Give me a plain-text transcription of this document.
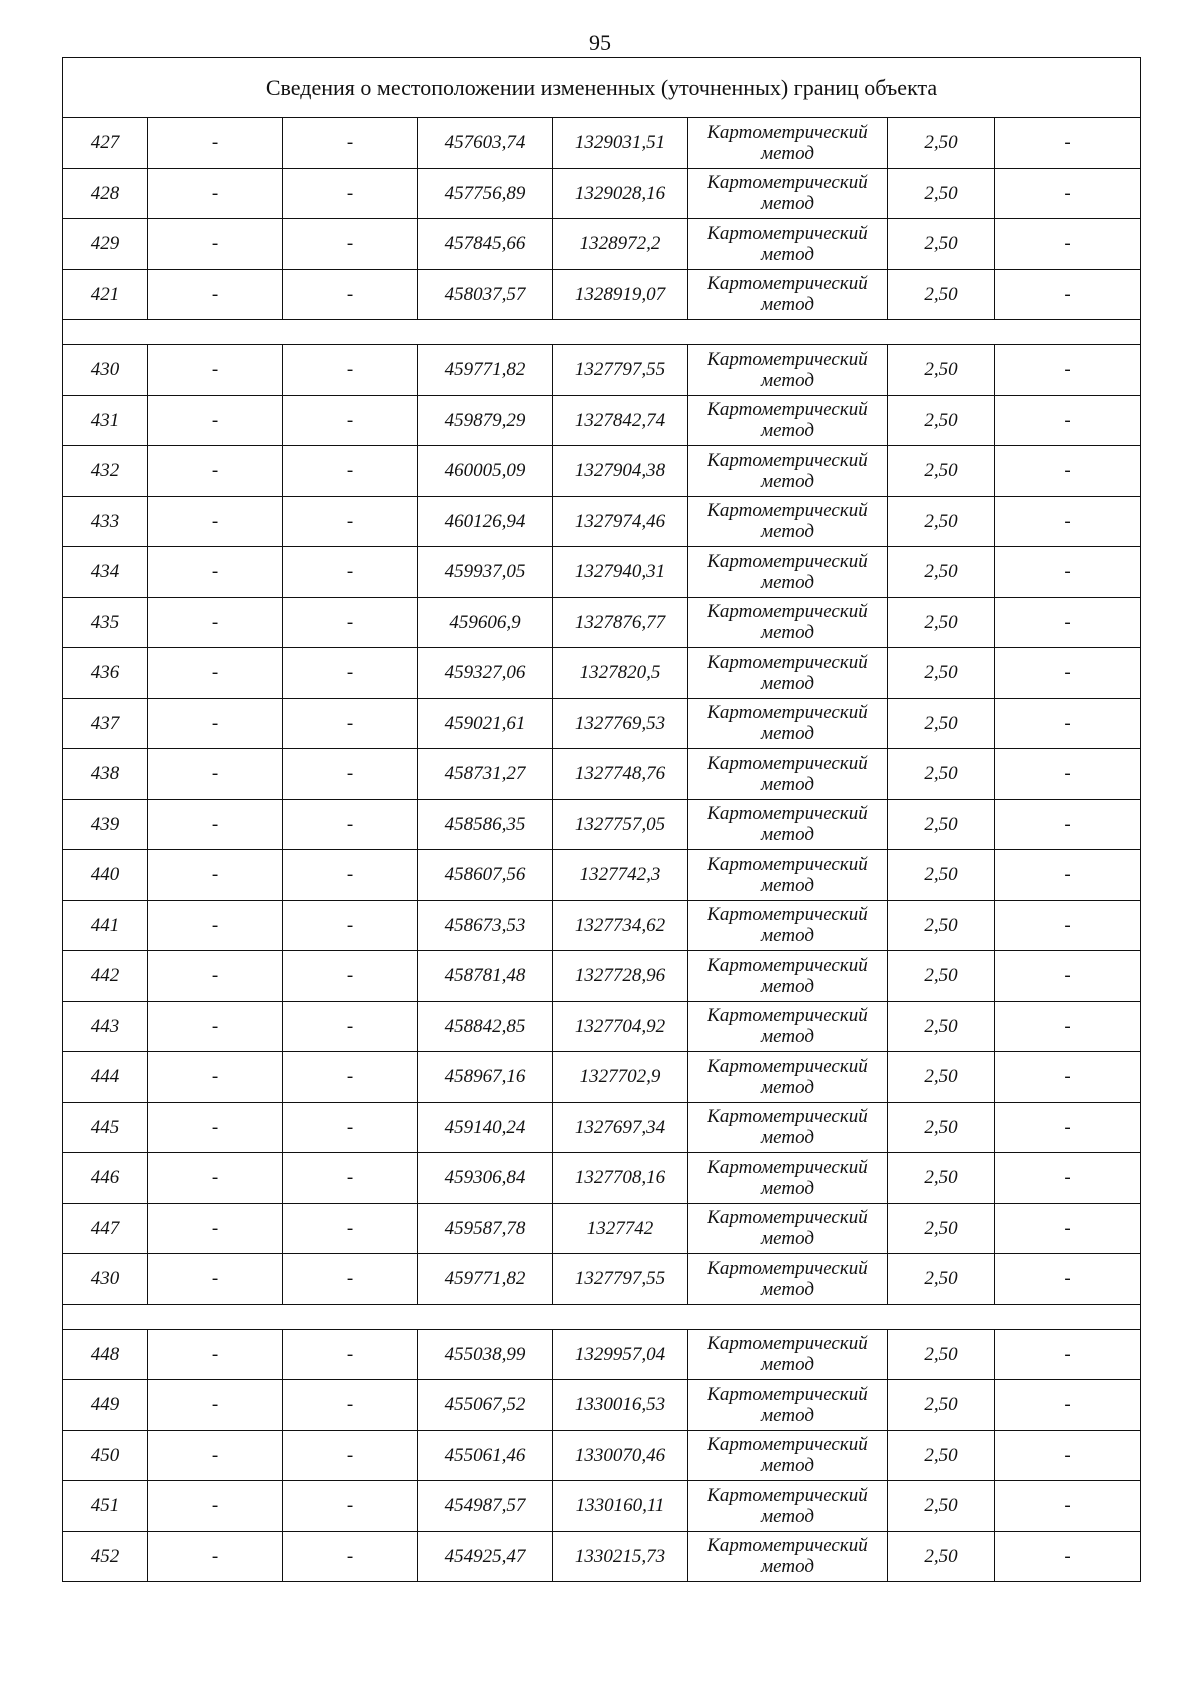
95
Сведения о местоположении измененных (уточненных) границ объекта							
427	-	-	457603,74	1329031,51	Картометрический метод	2,50	-
428	-	-	457756,89	1329028,16	Картометрический метод	2,50	-
429	-	-	457845,66	1328972,2	Картометрический метод	2,50	-
421	-	-	458037,57	1328919,07	Картометрический метод	2,50	-

430	-	-	459771,82	1327797,55	Картометрический метод	2,50	-
431	-	-	459879,29	1327842,74	Картометрический метод	2,50	-
432	-	-	460005,09	1327904,38	Картометрический метод	2,50	-
433	-	-	460126,94	1327974,46	Картометрический метод	2,50	-
434	-	-	459937,05	1327940,31	Картометрический метод	2,50	-
435	-	-	459606,9	1327876,77	Картометрический метод	2,50	-
436	-	-	459327,06	1327820,5	Картометрический метод	2,50	-
437	-	-	459021,61	1327769,53	Картометрический метод	2,50	-
438	-	-	458731,27	1327748,76	Картометрический метод	2,50	-
439	-	-	458586,35	1327757,05	Картометрический метод	2,50	-
440	-	-	458607,56	1327742,3	Картометрический метод	2,50	-
441	-	-	458673,53	1327734,62	Картометрический метод	2,50	-
442	-	-	458781,48	1327728,96	Картометрический метод	2,50	-
443	-	-	458842,85	1327704,92	Картометрический метод	2,50	-
444	-	-	458967,16	1327702,9	Картометрический метод	2,50	-
445	-	-	459140,24	1327697,34	Картометрический метод	2,50	-
446	-	-	459306,84	1327708,16	Картометрический метод	2,50	-
447	-	-	459587,78	1327742	Картометрический метод	2,50	-
430	-	-	459771,82	1327797,55	Картометрический метод	2,50	-

448	-	-	455038,99	1329957,04	Картометрический метод	2,50	-
449	-	-	455067,52	1330016,53	Картометрический метод	2,50	-
450	-	-	455061,46	1330070,46	Картометрический метод	2,50	-
451	-	-	454987,57	1330160,11	Картометрический метод	2,50	-
452	-	-	454925,47	1330215,73	Картометрический метод	2,50	-
